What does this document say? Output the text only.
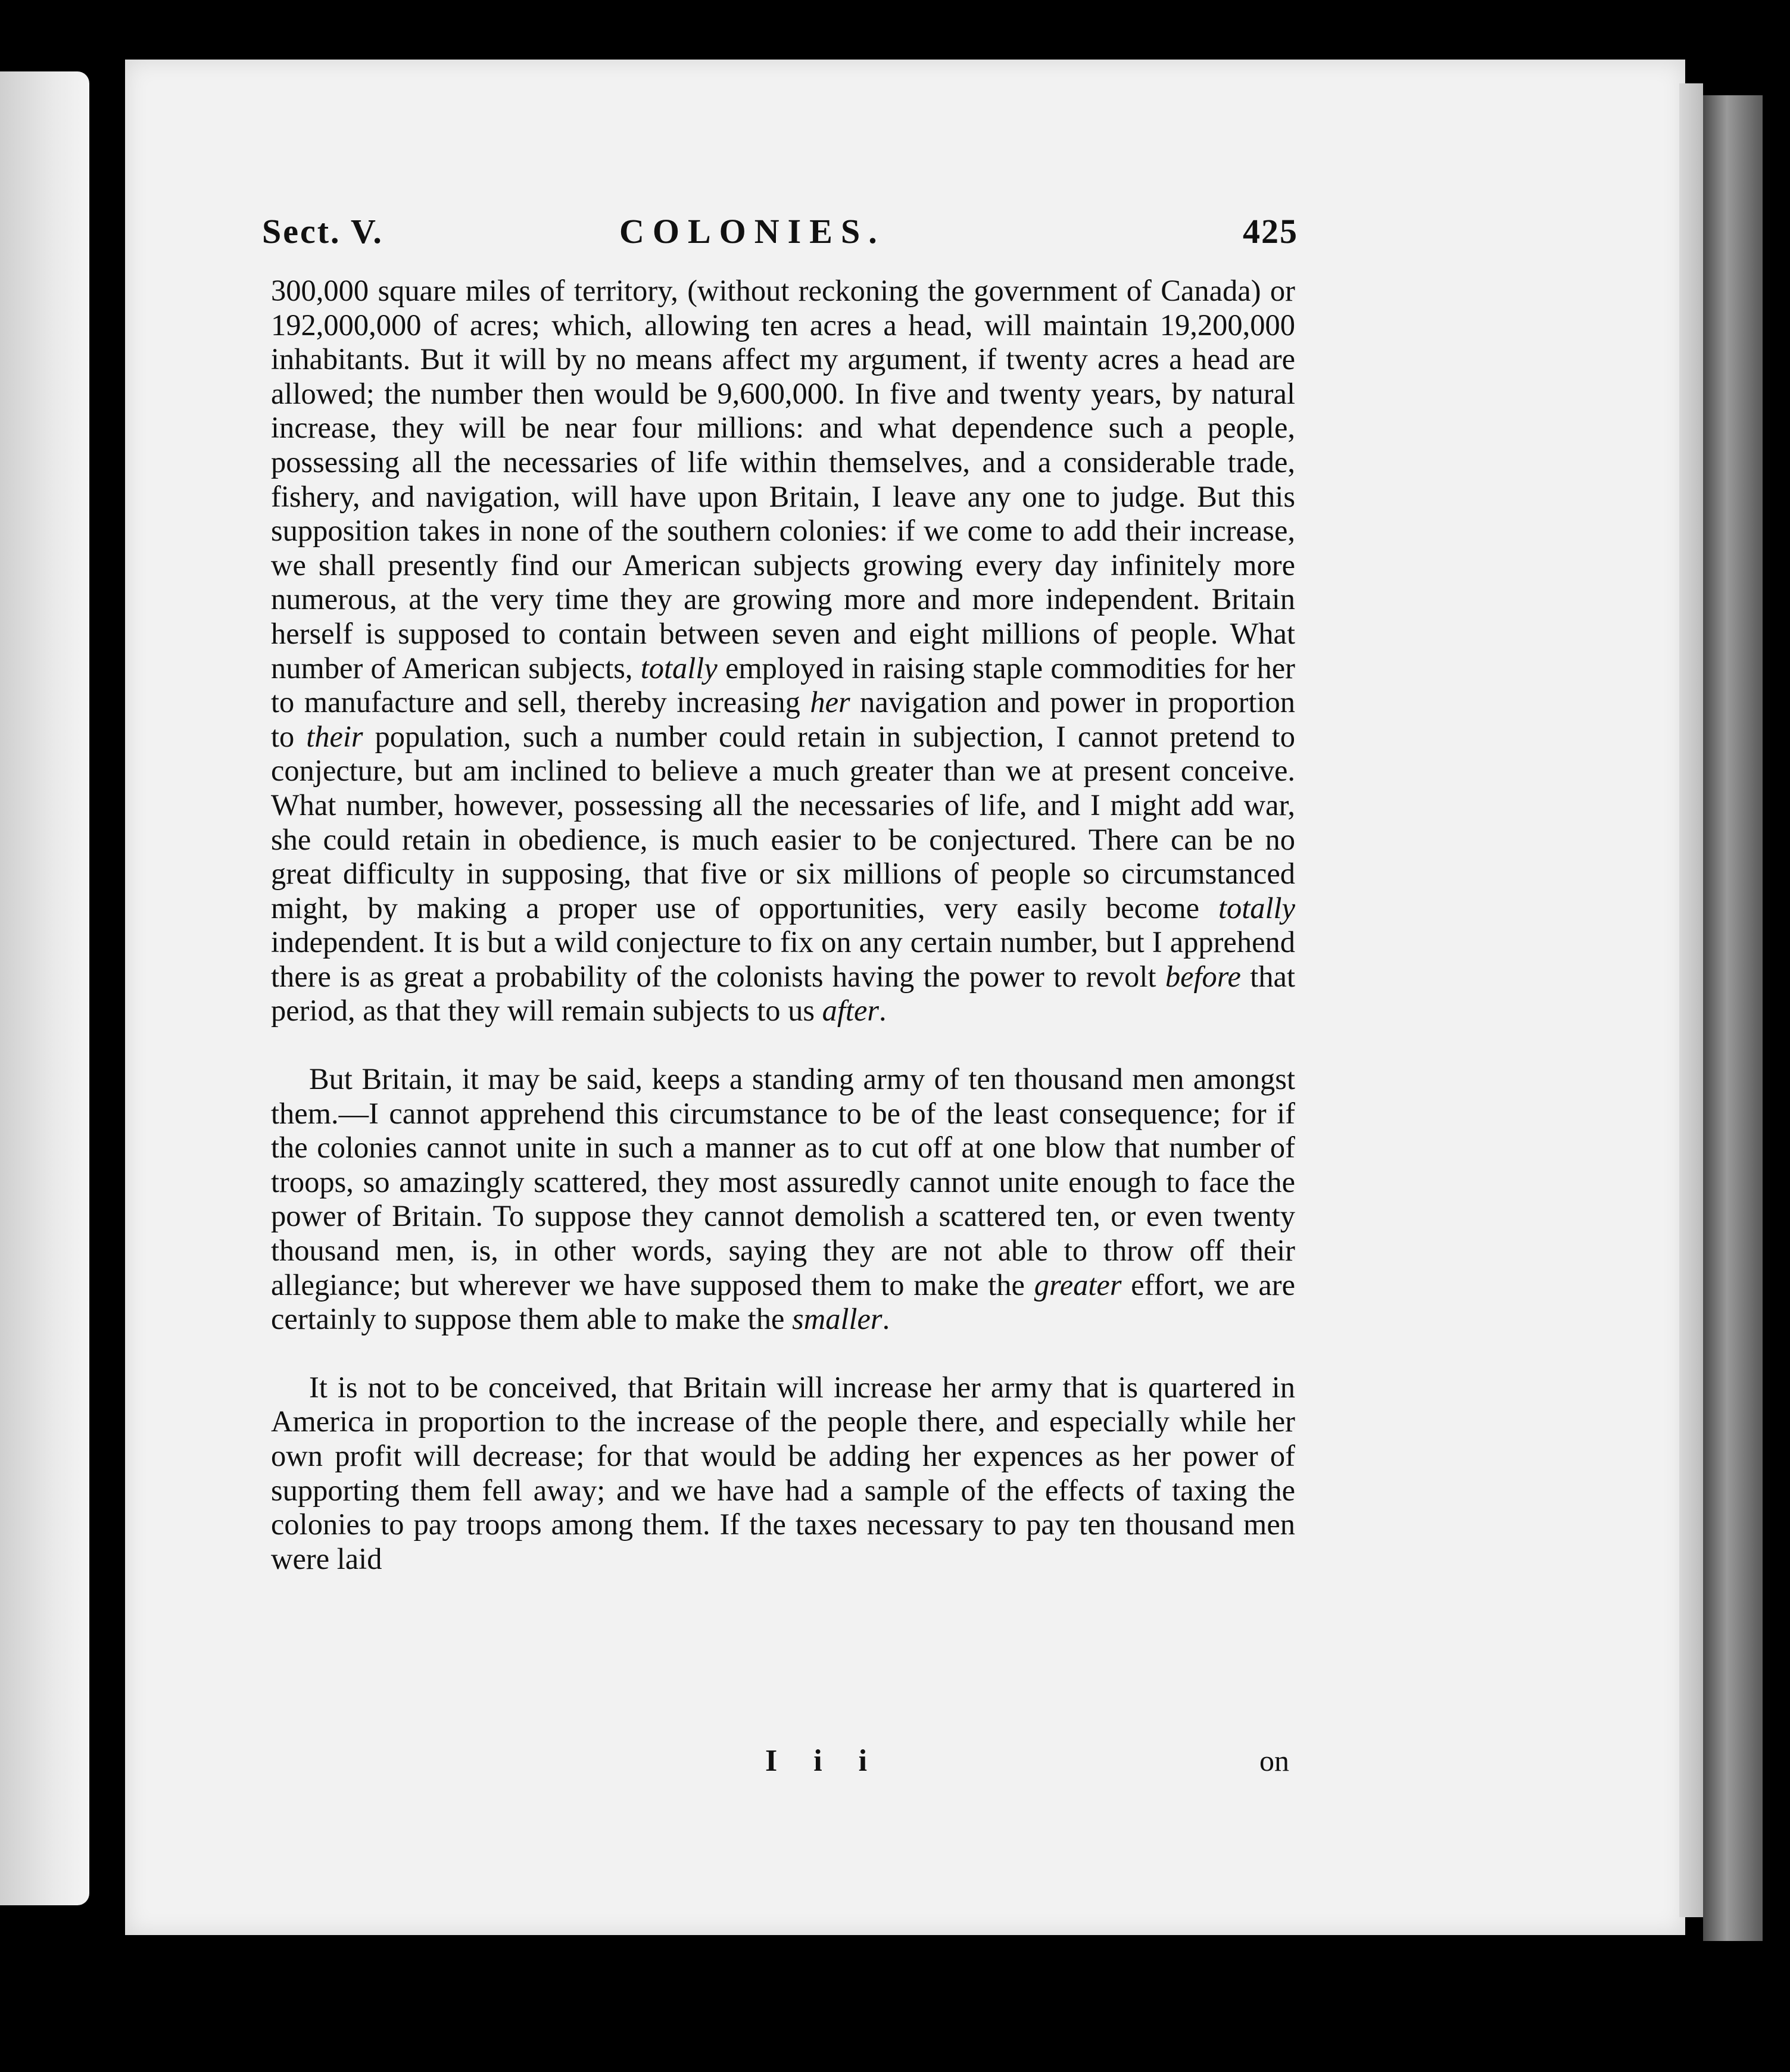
Sect. V.	COLONIES.	425

300,000 square miles of territory, (without reckoning the government of Canada) or 192,000,000 of acres; which, allowing ten acres a head, will maintain 19,200,000 inhabitants. But it will by no means affect my argument, if twenty acres a head are allowed; the number then would be 9,600,000. In five and twenty years, by natural increase, they will be near four millions: and what dependence such a people, possessing all the necessaries of life within themselves, and a considerable trade, fishery, and navigation, will have upon Britain, I leave any one to judge. But this supposition takes in none of the southern colonies: if we come to add their increase, we shall presently find our American subjects growing every day infinitely more numerous, at the very time they are growing more and more independent. Britain herself is supposed to contain between seven and eight millions of people. What number of American subjects, totally employed in raising staple commodities for her to manufacture and sell, thereby increasing her navigation and power in proportion to their population, such a number could retain in subjection, I cannot pretend to conjecture, but am inclined to believe a much greater than we at present conceive. What number, however, possessing all the necessaries of life, and I might add war, she could retain in obedience, is much easier to be conjectured. There can be no great difficulty in supposing, that five or six millions of people so circumstanced might, by making a proper use of opportunities, very easily become totally independent. It is but a wild conjecture to fix on any certain number, but I apprehend there is as great a probability of the colonists having the power to revolt before that period, as that they will remain subjects to us after.

But Britain, it may be said, keeps a standing army of ten thousand men amongst them.—I cannot apprehend this circumstance to be of the least consequence; for if the colonies cannot unite in such a manner as to cut off at one blow that number of troops, so amazingly scattered, they most assuredly cannot unite enough to face the power of Britain. To suppose they cannot demolish a scattered ten, or even twenty thousand men, is, in other words, saying they are not able to throw off their allegiance; but wherever we have supposed them to make the greater effort, we are certainly to suppose them able to make the smaller.

It is not to be conceived, that Britain will increase her army that is quartered in America in proportion to the increase of the people there, and especially while her own profit will decrease; for that would be adding her expences as her power of supporting them fell away; and we have had a sample of the effects of taxing the colonies to pay troops among them. If the taxes necessary to pay ten thousand men were laid

I i i	on
